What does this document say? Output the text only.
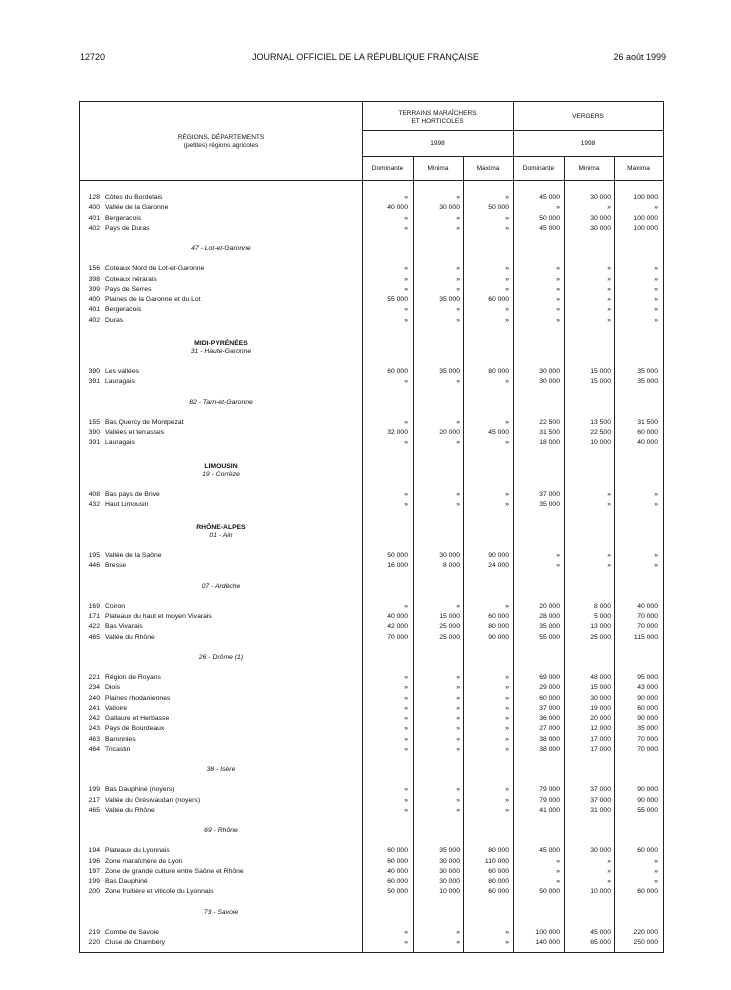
12720	JOURNAL OFFICIEL DE LA RÉPUBLIQUE FRANÇAISE	26 août 1999
RÉGIONS, DÉPARTEMENTS
(petites) régions agricoles
TERRAINS MARAÎCHERS
ET HORTICOLES
VERGERS
1998	1998
Dominante	Minima	Maxima	Dominante	Minima	Maxima
128 Côtes du Bordelais	»	»	»	45 000	30 000	100 000
400 Vallée de la Garonne	40 000	30 000	50 000	»	»	»
401 Bergeracois	»	»	»	50 000	30 000	100 000
402 Pays de Duras	»	»	»	45 000	30 000	100 000
47 - Lot-et-Garonne
156 Coteaux Nord de Lot-et-Garonne	»	»	»	»	»	»
398 Coteaux nérarais	»	»	»	»	»	»
399 Pays de Serres	»	»	»	»	»	»
400 Plaines de la Garonne et du Lot	55 000	35 000	60 000	»	»	»
401 Bergeracois	»	»	»	»	»	»
402 Duras	»	»	»	»	»	»
MIDI-PYRÉNÉES
31 - Haute-Garonne
390 Les vallées	60 000	35 000	80 000	30 000	15 000	35 000
391 Lauragais	»	»	»	30 000	15 000	35 000
82 - Tarn-et-Garonne
155 Bas Quercy de Montpezat	»	»	»	22 500	13 500	31 500
390 Vallées et terrasses	32 000	20 000	45 000	31 500	22 500	60 000
391 Lauragais	»	»	»	18 000	10 000	40 000
LIMOUSIN
19 - Corrèze
408 Bas pays de Brive	»	»	»	37 000	»	»
432 Haut Limousin	»	»	»	35 000	»	»
RHÔNE-ALPES
01 - Ain
195 Vallée de la Saône	50 000	30 000	90 000	»	»	»
446 Bresse	16 000	8 000	24 000	»	»	»
07 - Ardèche
169 Coiron	»	»	»	20 000	8 000	40 000
171 Plateaux du haut et moyen Vivarais	40 000	15 000	60 000	28 000	5 000	70 000
422 Bas Vivarais	42 000	25 000	80 000	35 000	13 000	70 000
465 Vallée du Rhône	70 000	25 000	90 000	55 000	25 000	115 000
26 - Drôme (1)
221 Région de Royans	»	»	»	69 000	48 000	95 000
234 Diois	»	»	»	29 000	15 000	43 000
240 Plaines rhodaniennes	»	»	»	60 000	30 000	90 000
241 Valloire	»	»	»	37 000	19 000	60 000
242 Gallaure et Herbasse	»	»	»	36 000	20 000	90 000
243 Pays de Bourdeaux	»	»	»	27 000	12 000	35 000
463 Baronnies	»	»	»	38 000	17 000	70 000
464 Tricastin	»	»	»	38 000	17 000	70 000
38 - Isère
199 Bas Dauphiné (noyers)	»	»	»	79 000	37 000	90 000
217 Vallée du Grésivaudan (noyers)	»	»	»	79 000	37 000	90 000
465 Vallée du Rhône	»	»	»	41 000	31 000	55 000
69 - Rhône
194 Plateaux du Lyonnais	60 000	35 000	80 000	45 000	30 000	60 000
196 Zone maraîchère de Lyon	60 000	30 000	110 000	»	»	»
197 Zone de grande culture entre Saône et Rhône	40 000	30 000	60 000	»	»	»
199 Bas Dauphiné	60 000	30 000	80 000	»	»	»
200 Zone fruitière et viticole du Lyonnais	50 000	10 000	60 000	50 000	10 000	60 000
73 - Savoie
219 Combe de Savoie	»	»	»	100 000	45 000	220 000
220 Cluse de Chambéry	»	»	»	140 000	65 000	250 000
